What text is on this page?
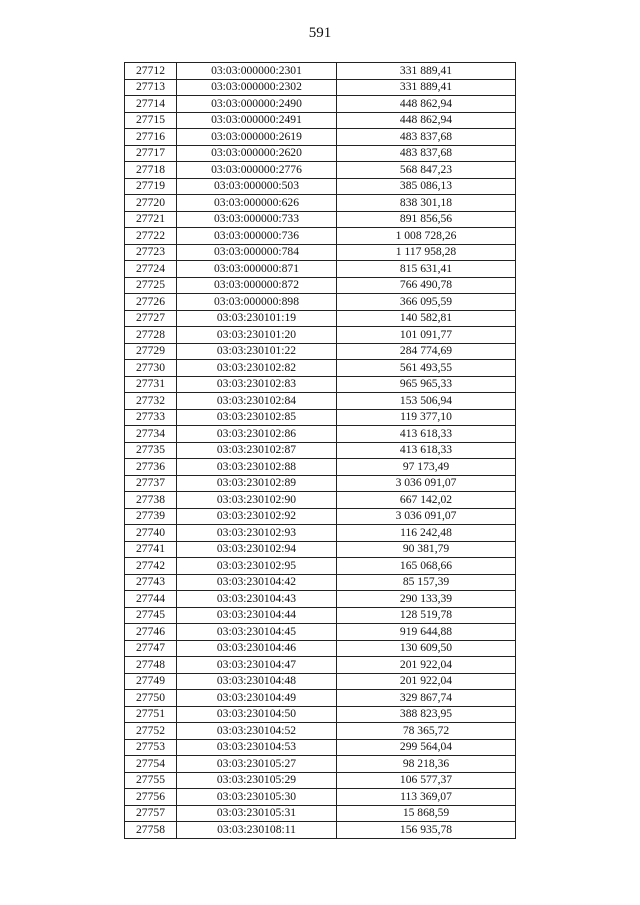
591
27712	03:03:000000:2301	331 889,41
27713	03:03:000000:2302	331 889,41
27714	03:03:000000:2490	448 862,94
27715	03:03:000000:2491	448 862,94
27716	03:03:000000:2619	483 837,68
27717	03:03:000000:2620	483 837,68
27718	03:03:000000:2776	568 847,23
27719	03:03:000000:503	385 086,13
27720	03:03:000000:626	838 301,18
27721	03:03:000000:733	891 856,56
27722	03:03:000000:736	1 008 728,26
27723	03:03:000000:784	1 117 958,28
27724	03:03:000000:871	815 631,41
27725	03:03:000000:872	766 490,78
27726	03:03:000000:898	366 095,59
27727	03:03:230101:19	140 582,81
27728	03:03:230101:20	101 091,77
27729	03:03:230101:22	284 774,69
27730	03:03:230102:82	561 493,55
27731	03:03:230102:83	965 965,33
27732	03:03:230102:84	153 506,94
27733	03:03:230102:85	119 377,10
27734	03:03:230102:86	413 618,33
27735	03:03:230102:87	413 618,33
27736	03:03:230102:88	97 173,49
27737	03:03:230102:89	3 036 091,07
27738	03:03:230102:90	667 142,02
27739	03:03:230102:92	3 036 091,07
27740	03:03:230102:93	116 242,48
27741	03:03:230102:94	90 381,79
27742	03:03:230102:95	165 068,66
27743	03:03:230104:42	85 157,39
27744	03:03:230104:43	290 133,39
27745	03:03:230104:44	128 519,78
27746	03:03:230104:45	919 644,88
27747	03:03:230104:46	130 609,50
27748	03:03:230104:47	201 922,04
27749	03:03:230104:48	201 922,04
27750	03:03:230104:49	329 867,74
27751	03:03:230104:50	388 823,95
27752	03:03:230104:52	78 365,72
27753	03:03:230104:53	299 564,04
27754	03:03:230105:27	98 218,36
27755	03:03:230105:29	106 577,37
27756	03:03:230105:30	113 369,07
27757	03:03:230105:31	15 868,59
27758	03:03:230108:11	156 935,78
